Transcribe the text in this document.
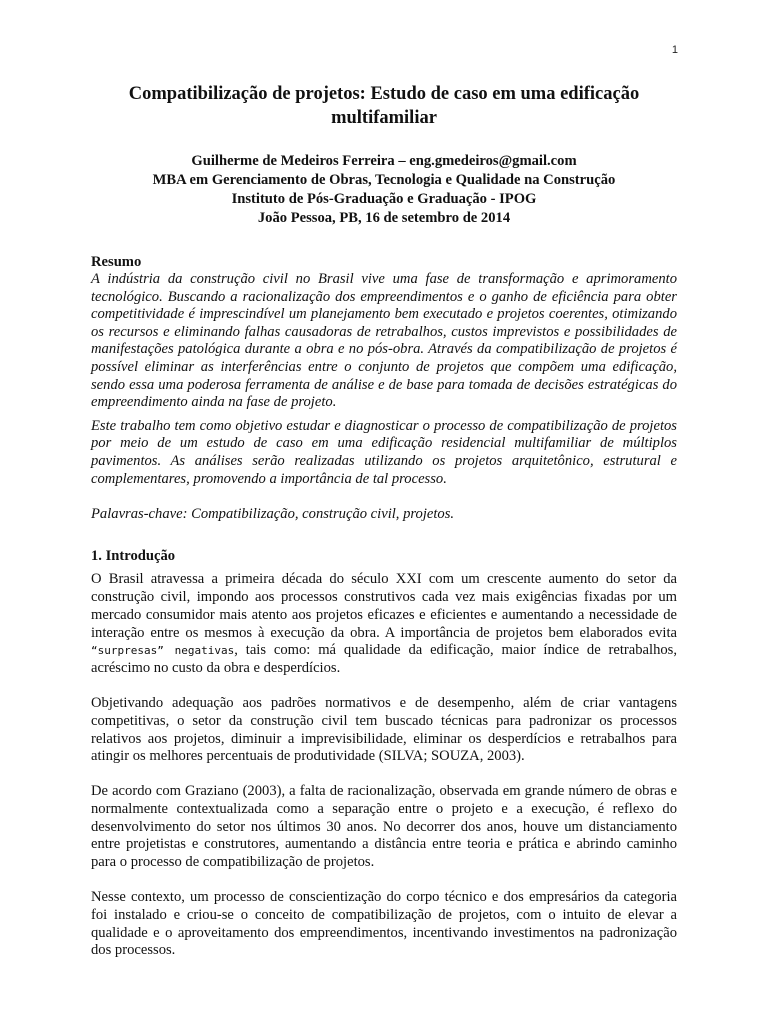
1
Compatibilização de projetos: Estudo de caso em uma edificação
multifamiliar
Guilherme de Medeiros Ferreira – eng.gmedeiros@gmail.com
MBA em Gerenciamento de Obras, Tecnologia e Qualidade na Construção
Instituto de Pós-Graduação e Graduação - IPOG
João Pessoa, PB, 16 de setembro de 2014
Resumo

A indústria da construção civil no Brasil vive uma fase de transformação e aprimoramento tecnológico. Buscando a racionalização dos empreendimentos e o ganho de eficiência para obter competitividade é imprescindível um planejamento bem executado e projetos coerentes, otimizando os recursos e eliminando falhas causadoras de retrabalhos, custos imprevistos e possibilidades de manifestações patológica durante a obra e no pós-obra. Através da compatibilização de projetos é possível eliminar as interferências entre o conjunto de projetos que compõem uma edificação, sendo essa uma poderosa ferramenta de análise e de base para tomada de decisões estratégicas do empreendimento ainda na fase de projeto.

Este trabalho tem como objetivo estudar e diagnosticar o processo de compatibilização de projetos por meio de um estudo de caso em uma edificação residencial multifamiliar de múltiplos pavimentos. As análises serão realizadas utilizando os projetos arquitetônico, estrutural e complementares, promovendo a importância de tal processo.

Palavras-chave: Compatibilização, construção civil, projetos.

1. Introdução

O Brasil atravessa a primeira década do século XXI com um crescente aumento do setor da construção civil, impondo aos processos construtivos cada vez mais exigências fixadas por um mercado consumidor mais atento aos projetos eficazes e eficientes e aumentando a necessidade de interação entre os mesmos à execução da obra. A importância de projetos bem elaborados evita “surpresas” negativas, tais como: má qualidade da edificação, maior índice de retrabalhos, acréscimo no custo da obra e desperdícios.

Objetivando adequação aos padrões normativos e de desempenho, além de criar vantagens competitivas, o setor da construção civil tem buscado técnicas para padronizar os processos relativos aos projetos, diminuir a imprevisibilidade, eliminar os desperdícios e retrabalhos para atingir os melhores percentuais de produtividade (SILVA; SOUZA, 2003).

De acordo com Graziano (2003), a falta de racionalização, observada em grande número de obras e normalmente contextualizada como a separação entre o projeto e a execução, é reflexo do desenvolvimento do setor nos últimos 30 anos. No decorrer dos anos, houve um distanciamento entre projetistas e construtores, aumentando a distância entre teoria e prática e abrindo caminho para o processo de compatibilização de projetos.

Nesse contexto, um processo de conscientização do corpo técnico e dos empresários da categoria foi instalado e criou-se o conceito de compatibilização de projetos, com o intuito de elevar a qualidade e o aproveitamento dos empreendimentos, incentivando investimentos na padronização dos processos.
